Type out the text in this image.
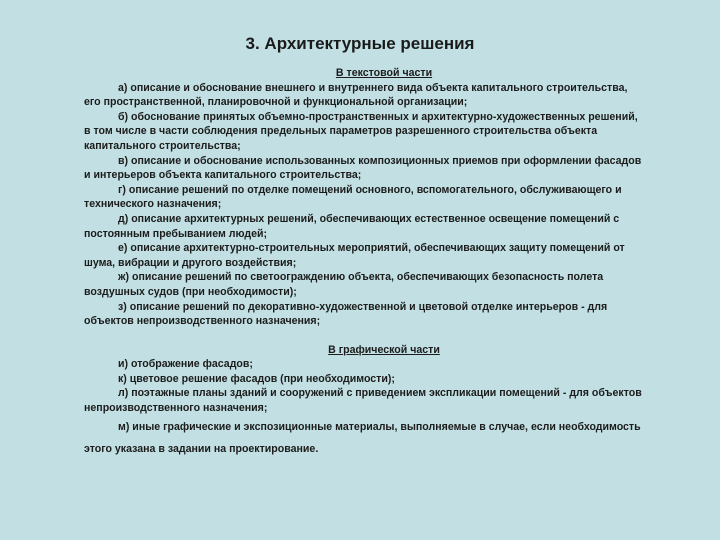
3. Архитектурные решения

В текстовой части

а) описание и обоснование внешнего и внутреннего вида объекта капитального строительства, его пространственной, планировочной и функциональной организации;

б) обоснование принятых объемно-пространственных и архитектурно-художественных решений, в том числе в части соблюдения предельных параметров разрешенного строительства объекта капитального строительства;

в) описание и обоснование использованных композиционных приемов при оформлении фасадов и интерьеров объекта капитального строительства;

г) описание решений по отделке помещений основного, вспомогательного, обслуживающего и технического назначения;

д) описание архитектурных решений, обеспечивающих естественное освещение помещений с постоянным пребыванием людей;

е) описание архитектурно-строительных мероприятий, обеспечивающих защиту помещений от шума, вибрации и другого воздействия;

ж) описание решений по светоограждению объекта, обеспечивающих безопасность полета воздушных судов (при необходимости);

з) описание решений по декоративно-художественной и цветовой отделке интерьеров - для объектов непроизводственного назначения;

В графической части

и) отображение фасадов;

к) цветовое решение фасадов (при необходимости);

л) поэтажные планы зданий и сооружений с приведением экспликации помещений - для объектов непроизводственного назначения;

м) иные графические и экспозиционные материалы, выполняемые в случае, если необходимость этого указана в задании на проектирование.
